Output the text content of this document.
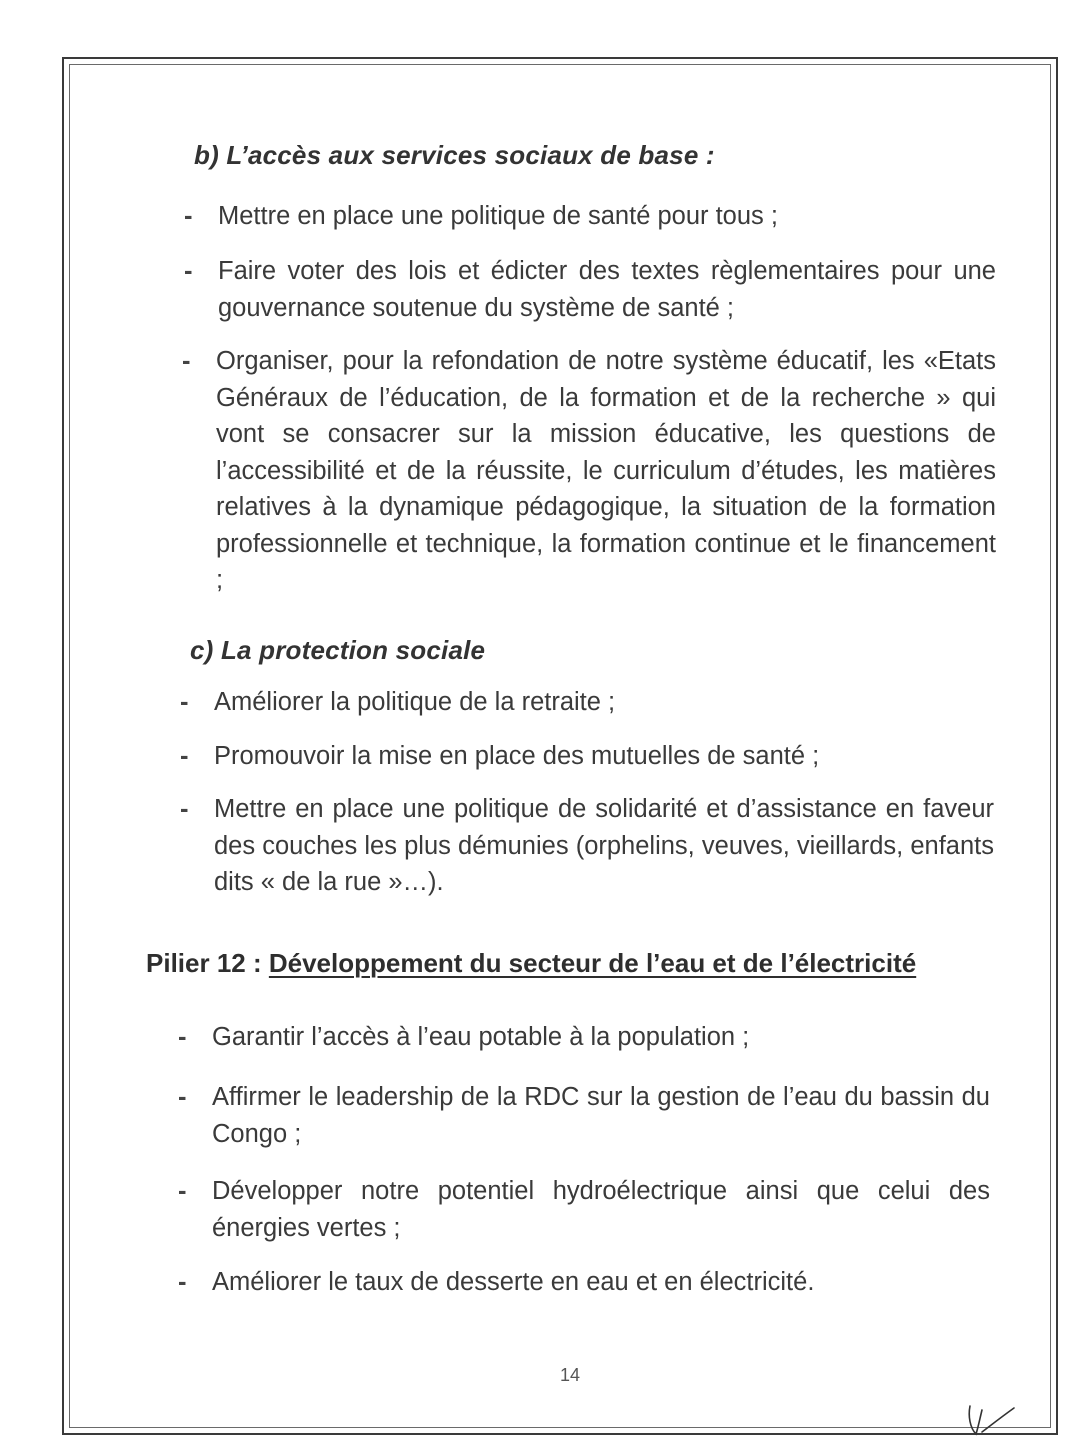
b) L’accès aux services sociaux de base :
- Mettre en place une politique de santé pour tous ;
- Faire voter des lois et édicter des textes règlementaires pour une gouvernance soutenue du système de santé ;
- Organiser, pour la refondation de notre système éducatif, les «Etats Généraux de l’éducation, de la formation et de la recherche » qui vont se consacrer sur la mission éducative, les questions de l’accessibilité et de la réussite, le curriculum d’études, les matières relatives à la dynamique pédagogique, la situation de la formation professionnelle et technique, la formation continue et le financement ;
c) La protection sociale
- Améliorer la politique de la retraite ;
- Promouvoir la mise en place des mutuelles de santé ;
- Mettre en place une politique de solidarité et d’assistance en faveur des couches les plus démunies (orphelins, veuves, vieillards, enfants dits « de la rue »…).
Pilier 12 : Développement du secteur de l’eau et de l’électricité
- Garantir l’accès à l’eau potable à la population ;
- Affirmer le leadership de la RDC sur la gestion de l’eau du bassin du Congo ;
- Développer notre potentiel hydroélectrique ainsi que celui des énergies vertes ;
- Améliorer le taux de desserte en eau et en électricité.
14
